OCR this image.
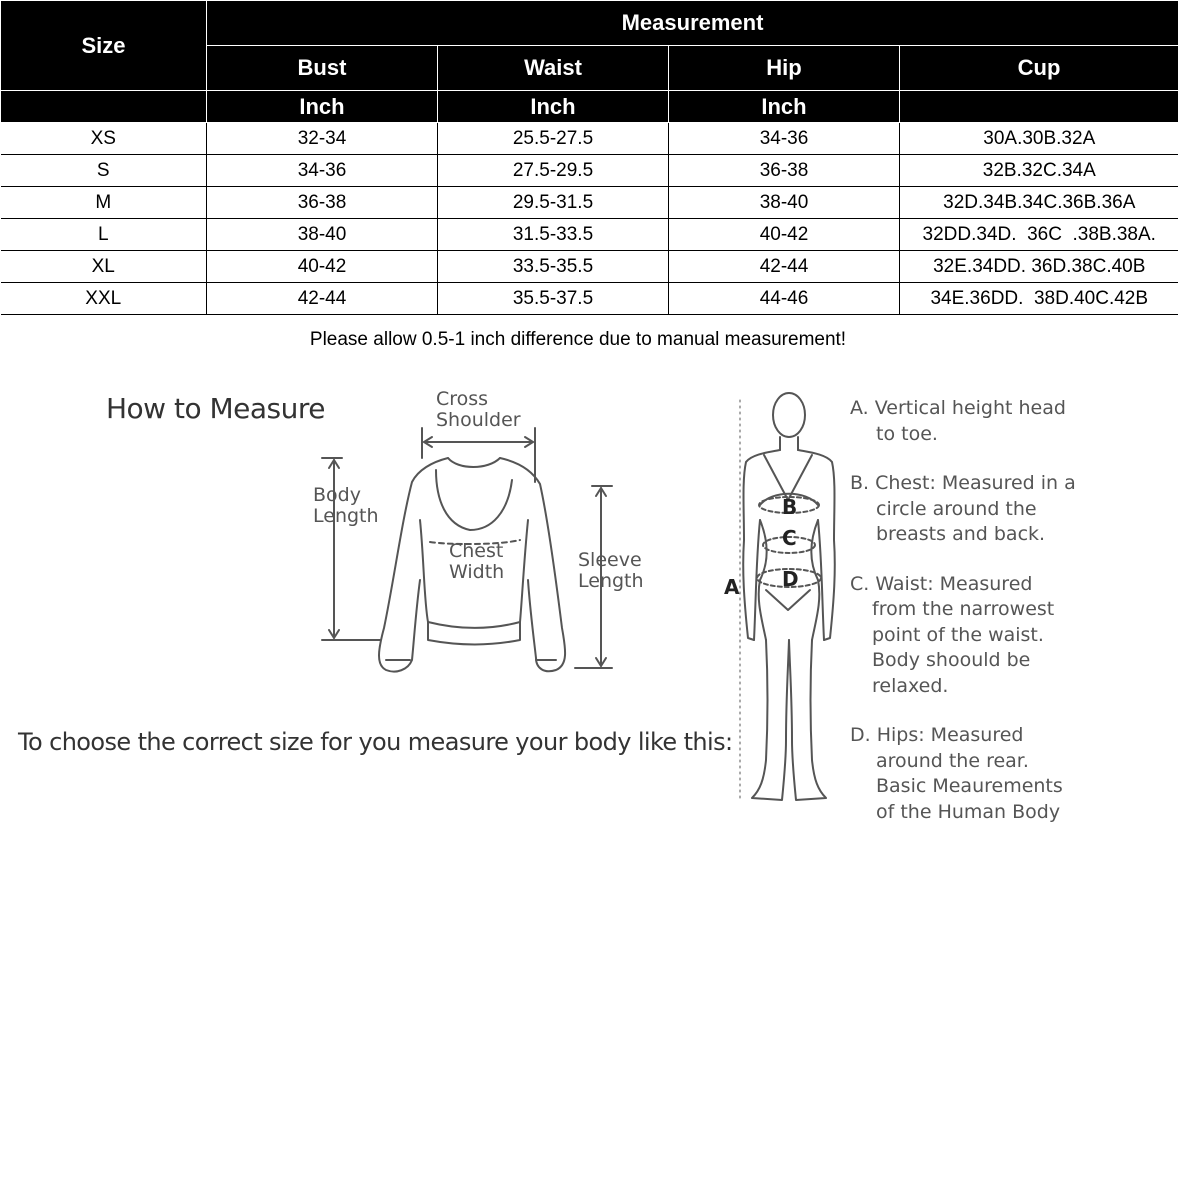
Size	Measurement			
	Bust	Waist	Hip	Cup
	Inch	Inch	Inch	
XS	32-34	25.5-27.5	34-36	30A.30B.32A
S	34-36	27.5-29.5	36-38	32B.32C.34A
M	36-38	29.5-31.5	38-40	32D.34B.34C.36B.36A
L	38-40	31.5-33.5	40-42	32DD.34D.  36C  .38B.38A.
XL	40-42	33.5-35.5	42-44	32E.34DD. 36D.38C.40B
XXL	42-44	35.5-37.5	44-46	34E.36DD.  38D.40C.42B
Please allow 0.5-1 inch difference due to manual measurement!
How to Measure
To choose the correct size for you measure your body like this:
Cross
Shoulder
Body
Length
Chest
Width
Sleeve
Length	A
B
C
D
A. Vertical height head
to toe.
B. Chest: Measured in a
circle around the
breasts and back.
C. Waist: Measured
from the narrowest
point of the waist.
Body shoould be
relaxed.
D. Hips: Measured
around the rear.
Basic Meaurements
of the Human Body
